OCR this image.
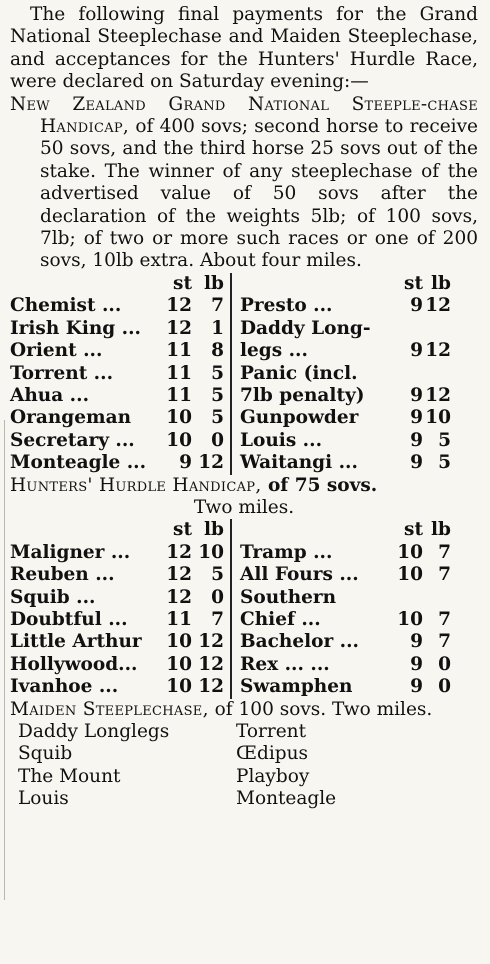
The following final payments for the Grand National Steeplechase and Maiden Steeplechase, and acceptances for the Hunters' Hurdle Race, were declared on Saturday evening:—

New Zealand Grand National Steeple-chase Handicap, of 400 sovs; second horse to receive 50 sovs, and the third horse 25 sovs out of the stake. The winner of any steeplechase of the advertised value of 50 sovs after the declaration of the weights 5lb; of 100 sovs, 7lb; of two or more such races or one of 200 sovs, 10lb extra. About four miles.

	st	lb
Chemist ...	12	7
Irish King ...	12	1
Orient ...	11	8
Torrent ...	11	5
Ahua ...	11	5
Orangeman	10	5
Secretary ...	10	0
Monteagle ...	9	12
	st	lb
Presto ...	9	12
Daddy Long-		
legs ...	9	12
Panic (incl.		
7lb penalty)	9	12
Gunpowder	9	10
Louis ...	9	5
Waitangi ...	9	5

Hunters' Hurdle Handicap, of 75 sovs.

Two miles.

	st	lb
Maligner ...	12	10
Reuben ...	12	5
Squib ...	12	0
Doubtful ...	11	7
Little Arthur	10	12
Hollywood...	10	12
Ivanhoe ...	10	12
	st	lb
Tramp ...	10	7
All Fours ...	10	7
Southern		
Chief ...	10	7
Bachelor ...	9	7
Rex ... ...	9	0
Swamphen	9	0

Maiden Steeplechase, of 100 sovs. Two miles.

Daddy Longlegs
Squib
The Mount
Louis
Torrent
Œdipus
Playboy
Monteagle
